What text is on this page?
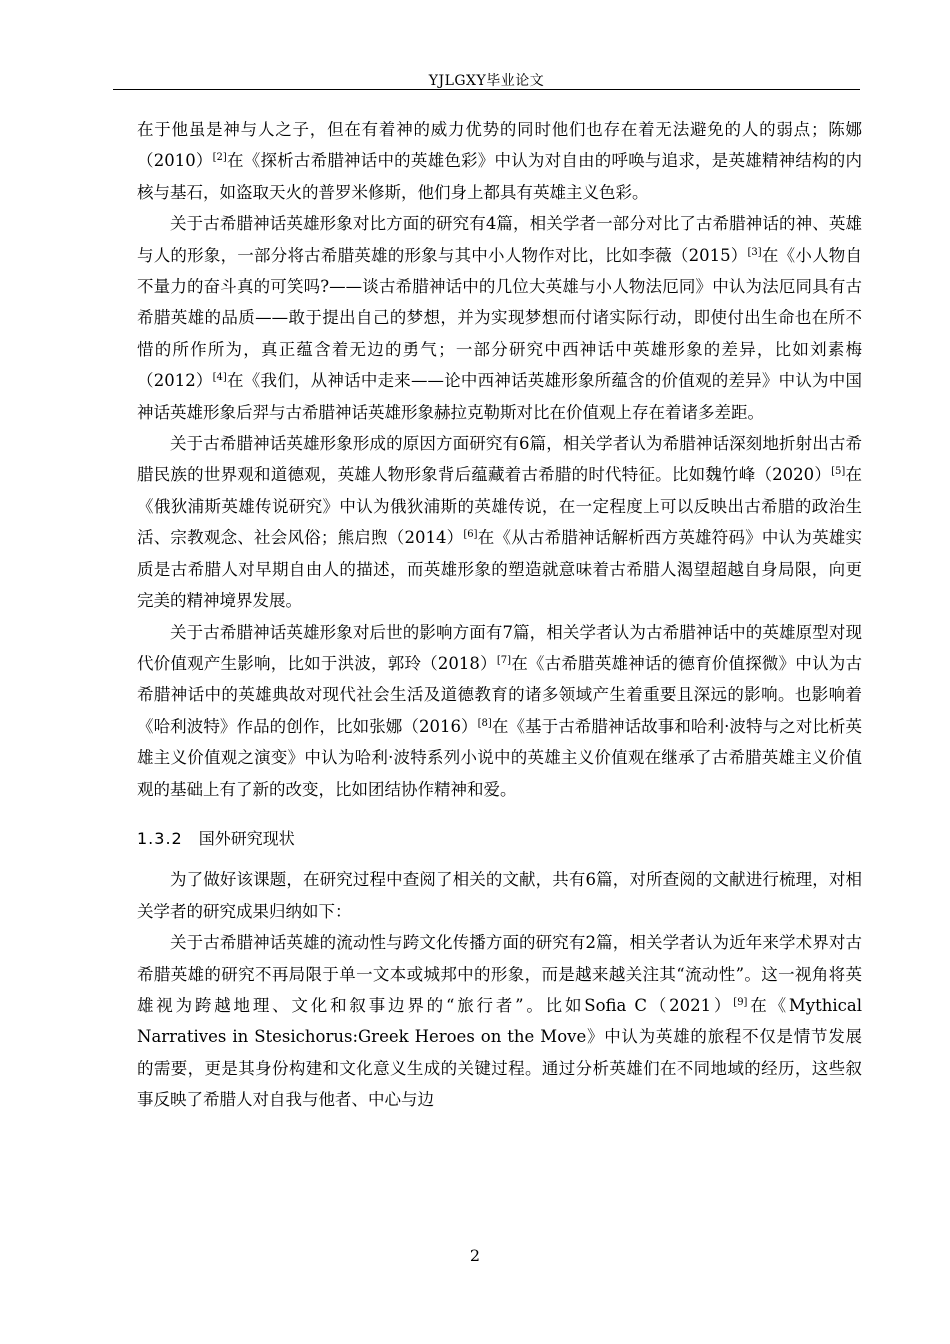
YJLGXY毕业论文

在于他虽是神与人之子，但在有着神的威力优势的同时他们也存在着无法避免的人的弱点；陈娜（2010）[2]在《探析古希腊神话中的英雄色彩》中认为对自由的呼唤与追求，是英雄精神结构的内核与基石，如盗取天火的普罗米修斯，他们身上都具有英雄主义色彩。

关于古希腊神话英雄形象对比方面的研究有4篇，相关学者一部分对比了古希腊神话的神、英雄与人的形象，一部分将古希腊英雄的形象与其中小人物作对比，比如李薇（2015）[3]在《小人物自不量力的奋斗真的可笑吗?——谈古希腊神话中的几位大英雄与小人物法厄同》中认为法厄同具有古希腊英雄的品质——敢于提出自己的梦想，并为实现梦想而付诸实际行动，即使付出生命也在所不惜的所作所为，真正蕴含着无边的勇气；一部分研究中西神话中英雄形象的差异，比如刘素梅（2012）[4]在《我们，从神话中走来——论中西神话英雄形象所蕴含的价值观的差异》中认为中国神话英雄形象后羿与古希腊神话英雄形象赫拉克勒斯对比在价值观上存在着诸多差距。

关于古希腊神话英雄形象形成的原因方面研究有6篇，相关学者认为希腊神话深刻地折射出古希腊民族的世界观和道德观，英雄人物形象背后蕴藏着古希腊的时代特征。比如魏竹峰（2020）[5]在《俄狄浦斯英雄传说研究》中认为俄狄浦斯的英雄传说，在一定程度上可以反映出古希腊的政治生活、宗教观念、社会风俗；熊启煦（2014）[6]在《从古希腊神话解析西方英雄符码》中认为英雄实质是古希腊人对早期自由人的描述，而英雄形象的塑造就意味着古希腊人渴望超越自身局限，向更完美的精神境界发展。

关于古希腊神话英雄形象对后世的影响方面有7篇，相关学者认为古希腊神话中的英雄原型对现代价值观产生影响，比如于洪波，郭玲（2018）[7]在《古希腊英雄神话的德育价值探微》中认为古希腊神话中的英雄典故对现代社会生活及道德教育的诸多领域产生着重要且深远的影响。也影响着《哈利波特》作品的创作，比如张娜（2016）[8]在《基于古希腊神话故事和哈利·波特与之对比析英雄主义价值观之演变》中认为哈利·波特系列小说中的英雄主义价值观在继承了古希腊英雄主义价值观的基础上有了新的改变，比如团结协作精神和爱。

1.3.2 国外研究现状

为了做好该课题，在研究过程中查阅了相关的文献，共有6篇，对所查阅的文献进行梳理，对相关学者的研究成果归纳如下：

关于古希腊神话英雄的流动性与跨文化传播方面的研究有2篇，相关学者认为近年来学术界对古希腊英雄的研究不再局限于单一文本或城邦中的形象，而是越来越关注其“流动性”。这一视角将英雄视为跨越地理、文化和叙事边界的“旅行者”。比如Sofia C（2021）[9]在《Mythical Narratives in Stesichorus:Greek Heroes on the Move》中认为英雄的旅程不仅是情节发展的需要，更是其身份构建和文化意义生成的关键过程。通过分析英雄们在不同地域的经历，这些叙事反映了希腊人对自我与他者、中心与边

2
